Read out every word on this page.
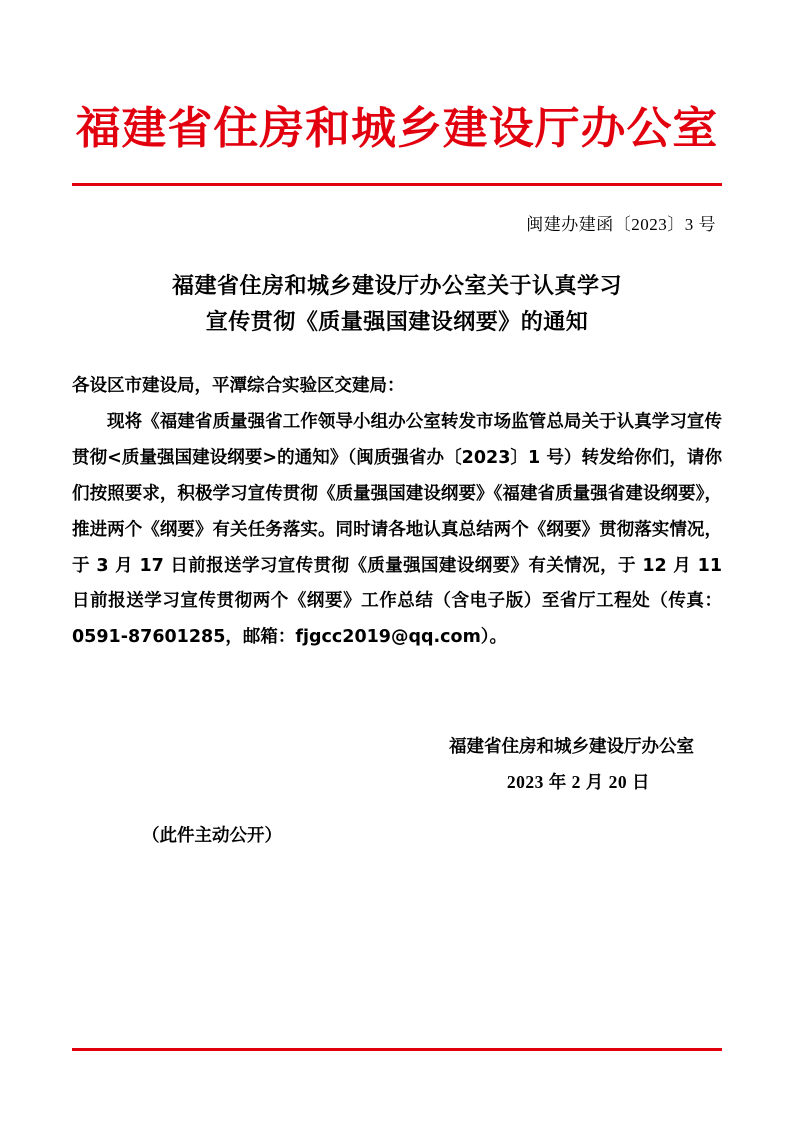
福建省住房和城乡建设厅办公室
闽建办建函〔2023〕3 号
福建省住房和城乡建设厅办公室关于认真学习
宣传贯彻《质量强国建设纲要》的通知

各设区市建设局，平潭综合实验区交建局：

现将《福建省质量强省工作领导小组办公室转发市场监管总局关于认真学习宣传贯彻<质量强国建设纲要>的通知》（闽质强省办〔2023〕1 号）转发给你们，请你们按照要求，积极学习宣传贯彻《质量强国建设纲要》《福建省质量强省建设纲要》，推进两个《纲要》有关任务落实。同时请各地认真总结两个《纲要》贯彻落实情况，于 3 月 17 日前报送学习宣传贯彻《质量强国建设纲要》有关情况，于 12 月 11 日前报送学习宣传贯彻两个《纲要》工作总结（含电子版）至省厅工程处（传真：0591-87601285，邮箱：fjgcc2019@qq.com）。

福建省住房和城乡建设厅办公室
2023 年 2 月 20 日
（此件主动公开）
